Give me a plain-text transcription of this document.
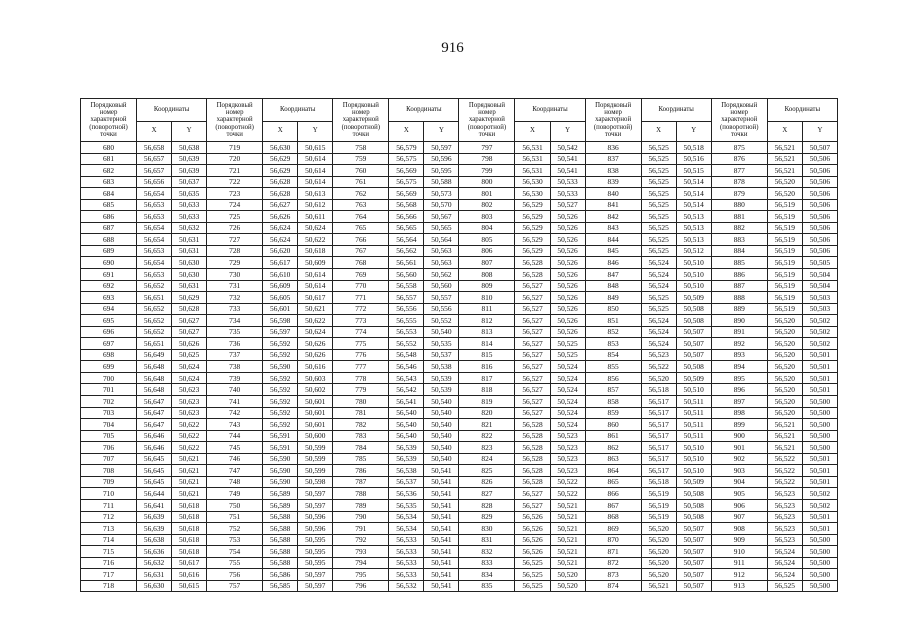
916
Порядковый номер характерной (поворотной) точки	Координаты		Порядковый номер характерной (поворотной) точки	Координаты		Порядковый номер характерной (поворотной) точки	Координаты		Порядковый номер характерной (поворотной) точки	Координаты		Порядковый номер характерной (поворотной) точки	Координаты		Порядковый номер характерной (поворотной) точки	Координаты	
	X	Y		X	Y		X	Y		X	Y		X	Y		X	Y
680	56,658	50,638	719	56,630	50,615	758	56,579	50,597	797	56,531	50,542	836	56,525	50,518	875	56,521	50,507
681	56,657	50,639	720	56,629	50,614	759	56,575	50,596	798	56,531	50,541	837	56,525	50,516	876	56,521	50,506
682	56,657	50,639	721	56,629	50,614	760	56,569	50,595	799	56,531	50,541	838	56,525	50,515	877	56,521	50,506
683	56,656	50,637	722	56,628	50,614	761	56,575	50,588	800	56,530	50,533	839	56,525	50,514	878	56,520	50,506
684	56,654	50,635	723	56,628	50,613	762	56,569	50,573	801	56,530	50,533	840	56,525	50,514	879	56,520	50,506
685	56,653	50,633	724	56,627	50,612	763	56,568	50,570	802	56,529	50,527	841	56,525	50,514	880	56,519	50,506
686	56,653	50,633	725	56,626	50,611	764	56,566	50,567	803	56,529	50,526	842	56,525	50,513	881	56,519	50,506
687	56,654	50,632	726	56,624	50,624	765	56,565	50,565	804	56,529	50,526	843	56,525	50,513	882	56,519	50,506
688	56,654	50,631	727	56,624	50,622	766	56,564	50,564	805	56,529	50,526	844	56,525	50,513	883	56,519	50,506
689	56,653	50,631	728	56,620	50,618	767	56,562	50,563	806	56,529	50,526	845	56,525	50,512	884	56,519	50,506
690	56,654	50,630	729	56,617	50,609	768	56,561	50,563	807	56,528	50,526	846	56,524	50,510	885	56,519	50,505
691	56,653	50,630	730	56,610	50,614	769	56,560	50,562	808	56,528	50,526	847	56,524	50,510	886	56,519	50,504
692	56,652	50,631	731	56,609	50,614	770	56,558	50,560	809	56,527	50,526	848	56,524	50,510	887	56,519	50,504
693	56,651	50,629	732	56,605	50,617	771	56,557	50,557	810	56,527	50,526	849	56,525	50,509	888	56,519	50,503
694	56,652	50,628	733	56,601	50,621	772	56,556	50,556	811	56,527	50,526	850	56,525	50,508	889	56,519	50,503
695	56,652	50,627	734	56,598	50,622	773	56,555	50,552	812	56,527	50,526	851	56,524	50,508	890	56,520	50,502
696	56,652	50,627	735	56,597	50,624	774	56,553	50,540	813	56,527	50,526	852	56,524	50,507	891	56,520	50,502
697	56,651	50,626	736	56,592	50,626	775	56,552	50,535	814	56,527	50,525	853	56,524	50,507	892	56,520	50,502
698	56,649	50,625	737	56,592	50,626	776	56,548	50,537	815	56,527	50,525	854	56,523	50,507	893	56,520	50,501
699	56,648	50,624	738	56,590	50,616	777	56,546	50,538	816	56,527	50,524	855	56,522	50,508	894	56,520	50,501
700	56,648	50,624	739	56,592	50,603	778	56,543	50,539	817	56,527	50,524	856	56,520	50,509	895	56,520	50,501
701	56,648	50,623	740	56,592	50,602	779	56,542	50,539	818	56,527	50,524	857	56,518	50,510	896	56,520	50,501
702	56,647	50,623	741	56,592	50,601	780	56,541	50,540	819	56,527	50,524	858	56,517	50,511	897	56,520	50,500
703	56,647	50,623	742	56,592	50,601	781	56,540	50,540	820	56,527	50,524	859	56,517	50,511	898	56,520	50,500
704	56,647	50,622	743	56,592	50,601	782	56,540	50,540	821	56,528	50,524	860	56,517	50,511	899	56,521	50,500
705	56,646	50,622	744	56,591	50,600	783	56,540	50,540	822	56,528	50,523	861	56,517	50,511	900	56,521	50,500
706	56,646	50,622	745	56,591	50,599	784	56,539	50,540	823	56,528	50,523	862	56,517	50,510	901	56,521	50,500
707	56,645	50,621	746	56,590	50,599	785	56,539	50,540	824	56,528	50,523	863	56,517	50,510	902	56,522	50,501
708	56,645	50,621	747	56,590	50,599	786	56,538	50,541	825	56,528	50,523	864	56,517	50,510	903	56,522	50,501
709	56,645	50,621	748	56,590	50,598	787	56,537	50,541	826	56,528	50,522	865	56,518	50,509	904	56,522	50,501
710	56,644	50,621	749	56,589	50,597	788	56,536	50,541	827	56,527	50,522	866	56,519	50,508	905	56,523	50,502
711	56,641	50,618	750	56,589	50,597	789	56,535	50,541	828	56,527	50,521	867	56,519	50,508	906	56,523	50,502
712	56,639	50,618	751	56,588	50,596	790	56,534	50,541	829	56,526	50,521	868	56,519	50,508	907	56,523	50,501
713	56,639	50,618	752	56,588	50,596	791	56,534	50,541	830	56,526	50,521	869	56,520	50,507	908	56,523	50,501
714	56,638	50,618	753	56,588	50,595	792	56,533	50,541	831	56,526	50,521	870	56,520	50,507	909	56,523	50,500
715	56,636	50,618	754	56,588	50,595	793	56,533	50,541	832	56,526	50,521	871	56,520	50,507	910	56,524	50,500
716	56,632	50,617	755	56,588	50,595	794	56,533	50,541	833	56,525	50,521	872	56,520	50,507	911	56,524	50,500
717	56,631	50,616	756	56,586	50,597	795	56,533	50,541	834	56,525	50,520	873	56,520	50,507	912	56,524	50,500
718	56,630	50,615	757	56,585	50,597	796	56,532	50,541	835	56,525	50,520	874	56,521	50,507	913	56,525	50,500
